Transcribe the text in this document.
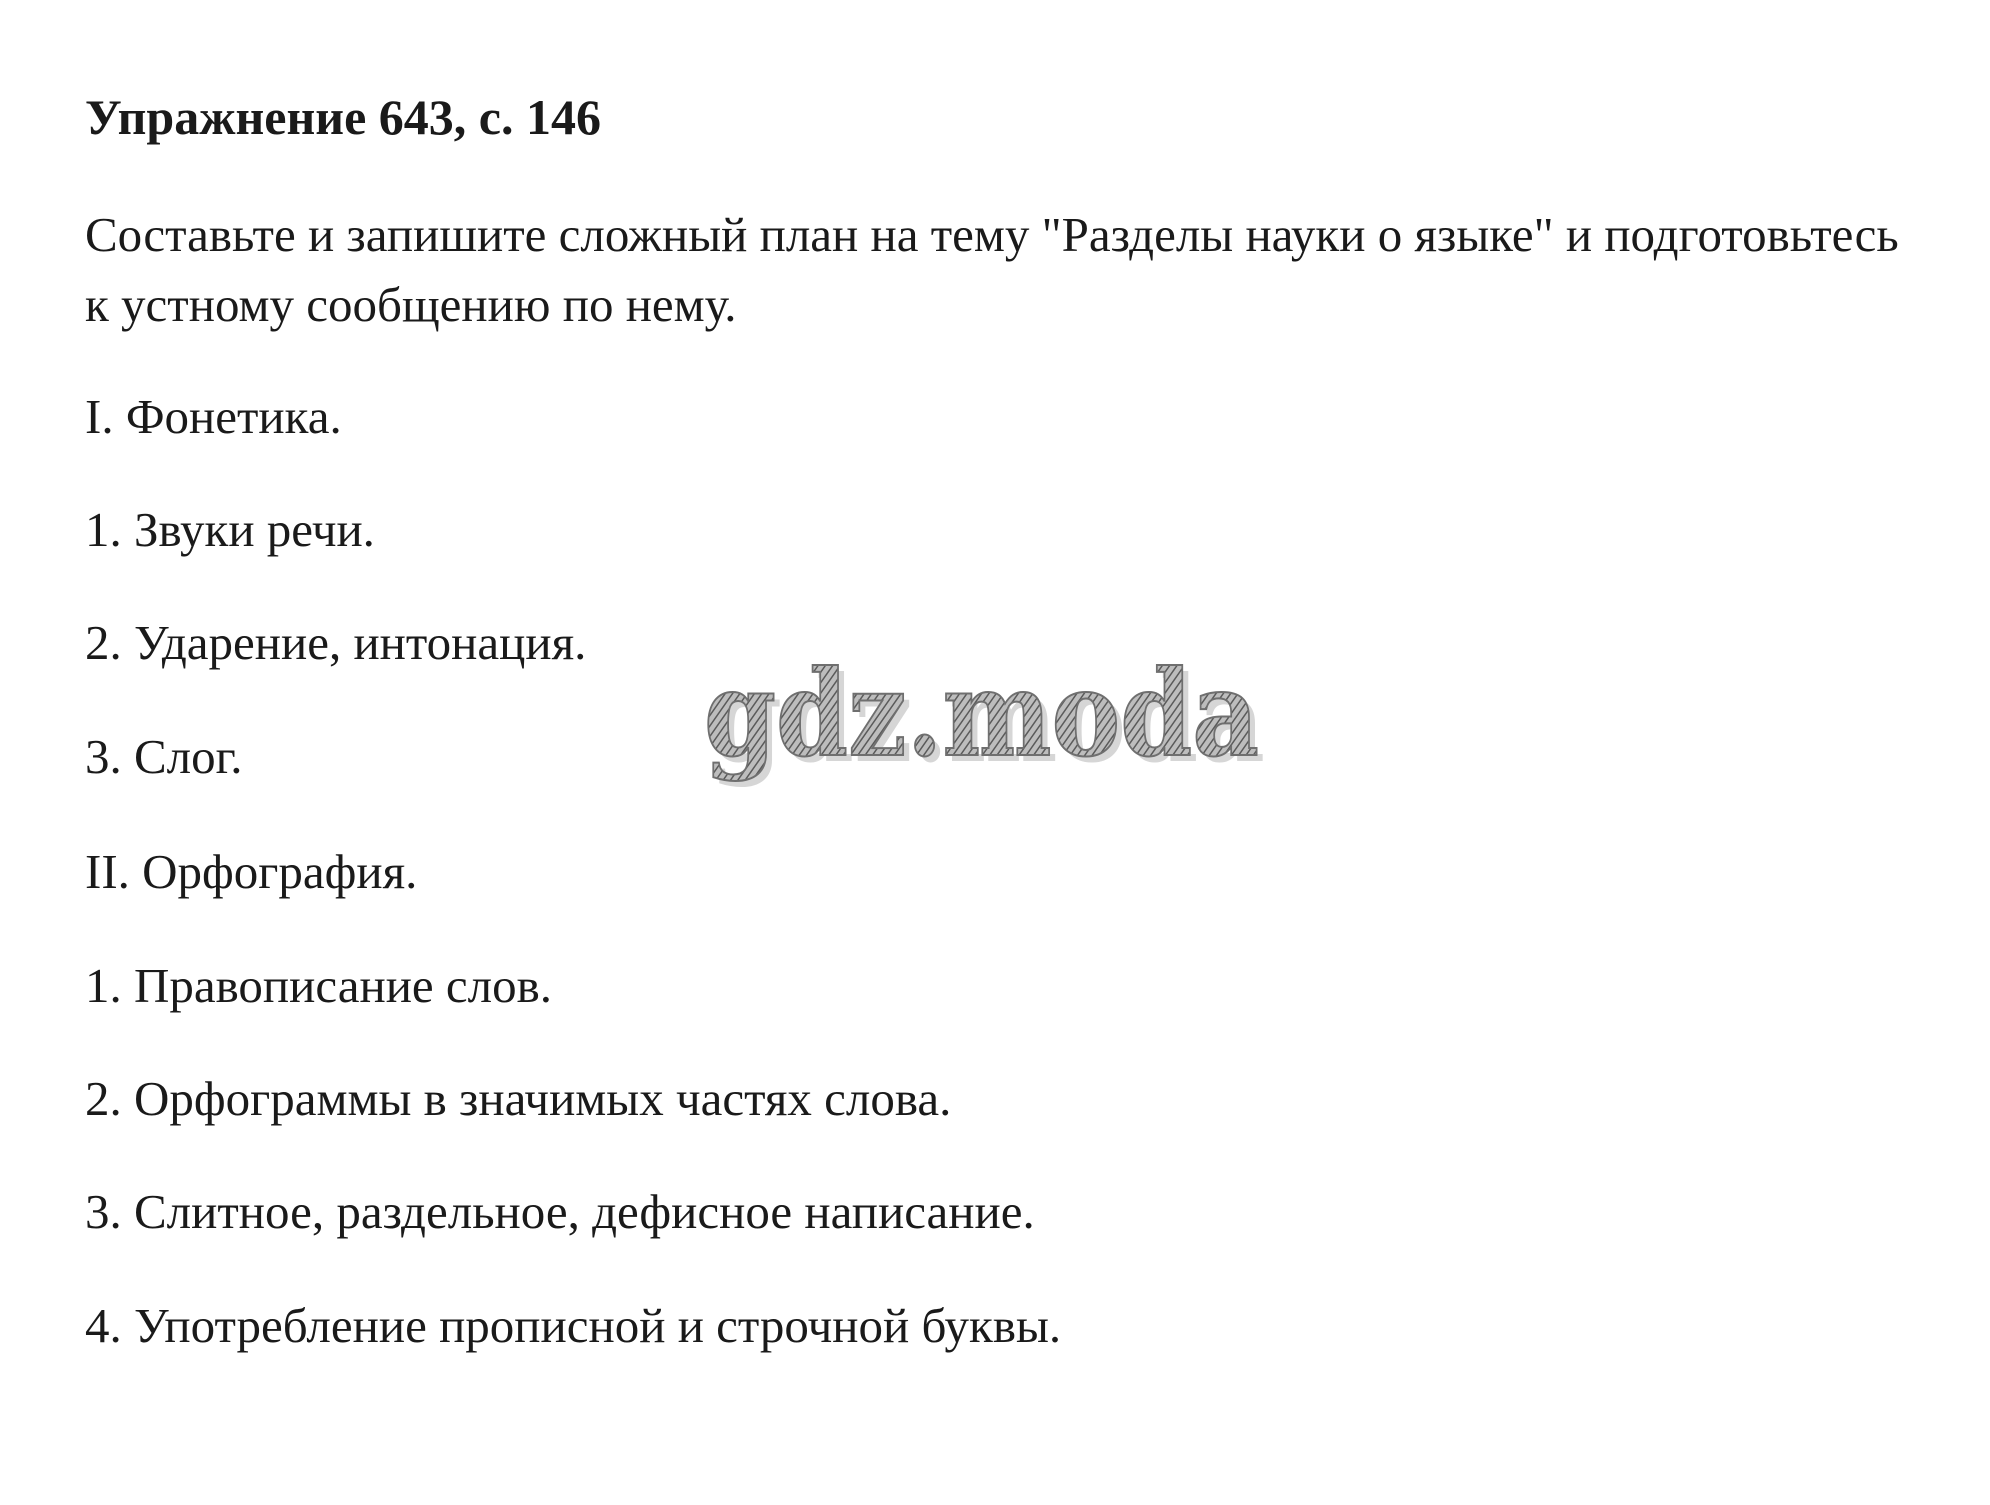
Упражнение 643, с. 146
Составьте и запишите сложный план на тему "Разделы науки о языке" и подготовьтесь к устному сообщению по нему.
I. Фонетика.
1. Звуки речи.
2. Ударение, интонация.
3. Слог.
II. Орфография.
1. Правописание слов.
2. Орфограммы в значимых частях слова.
3. Слитное, раздельное, дефисное написание.
4. Употребление прописной и строчной буквы.
gdz.moda
gdz.moda
